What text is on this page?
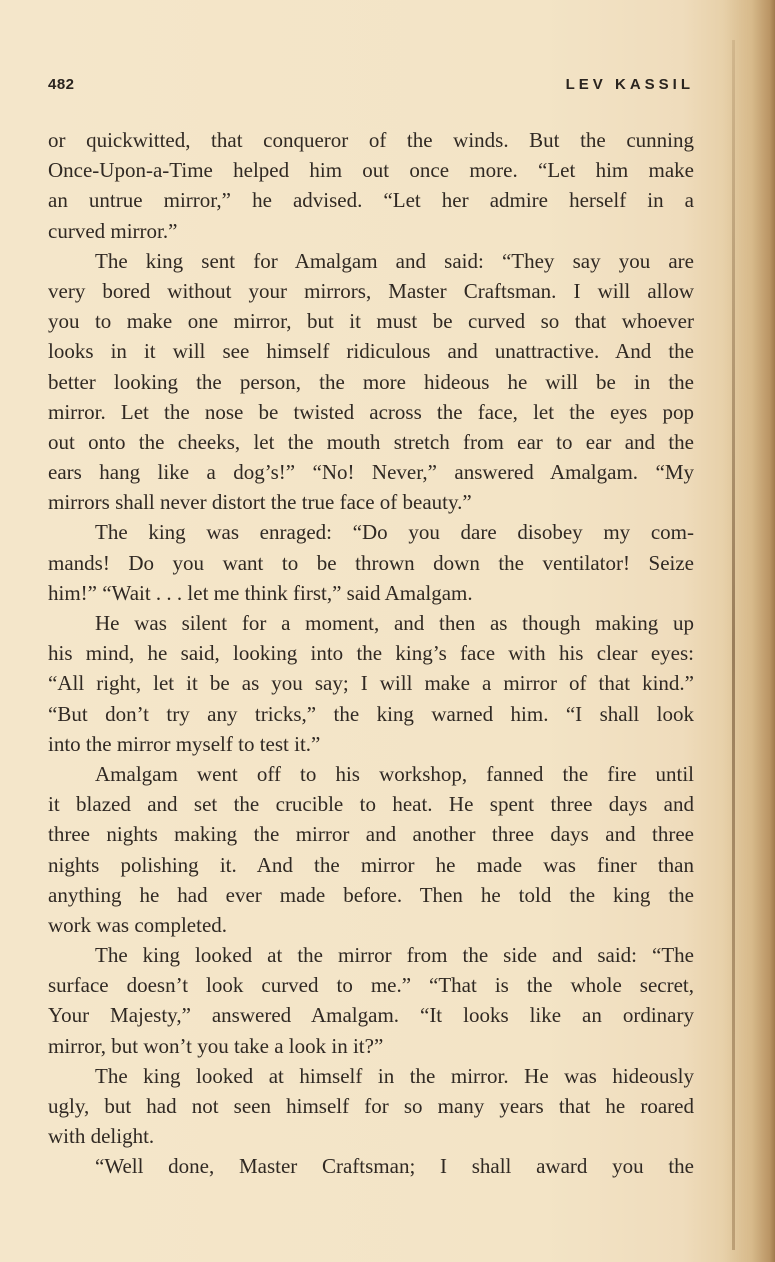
482	LEV KASSIL
or quickwitted, that conqueror of the winds. But the cunning
Once-Upon-a-Time helped him out once more. “Let him make
an untrue mirror,” he advised. “Let her admire herself in a
curved mirror.”
The king sent for Amalgam and said: “They say you are
very bored without your mirrors, Master Craftsman. I will allow
you to make one mirror, but it must be curved so that whoever
looks in it will see himself ridiculous and unattractive. And the
better looking the person, the more hideous he will be in the
mirror. Let the nose be twisted across the face, let the eyes pop
out onto the cheeks, let the mouth stretch from ear to ear and the
ears hang like a dog’s!” “No! Never,” answered Amalgam. “My
mirrors shall never distort the true face of beauty.”
The king was enraged: “Do you dare disobey my com-
mands! Do you want to be thrown down the ventilator! Seize
him!” “Wait . . . let me think first,” said Amalgam.
He was silent for a moment, and then as though making up
his mind, he said, looking into the king’s face with his clear eyes:
“All right, let it be as you say; I will make a mirror of that kind.”
“But don’t try any tricks,” the king warned him. “I shall look
into the mirror myself to test it.”
Amalgam went off to his workshop, fanned the fire until
it blazed and set the crucible to heat. He spent three days and
three nights making the mirror and another three days and three
nights polishing it. And the mirror he made was finer than
anything he had ever made before. Then he told the king the
work was completed.
The king looked at the mirror from the side and said: “The
surface doesn’t look curved to me.” “That is the whole secret,
Your Majesty,” answered Amalgam. “It looks like an ordinary
mirror, but won’t you take a look in it?”
The king looked at himself in the mirror. He was hideously
ugly, but had not seen himself for so many years that he roared
with delight.
“Well done, Master Craftsman; I shall award you the
